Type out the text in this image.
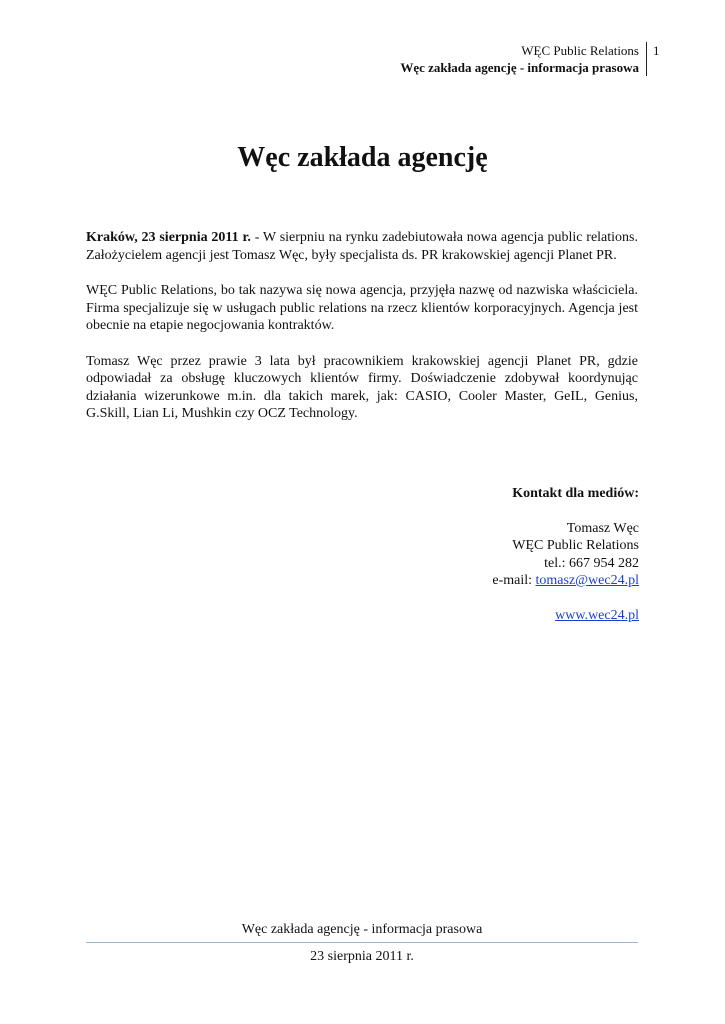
WĘC Public Relations
Węc zakłada agencję - informacja prasowa
1
Węc zakłada agencję

Kraków, 23 sierpnia 2011 r. - W sierpniu na rynku zadebiutowała nowa agencja public relations. Założycielem agencji jest Tomasz Węc, były specjalista ds. PR krakowskiej agencji Planet PR.

WĘC Public Relations, bo tak nazywa się nowa agencja, przyjęła nazwę od nazwiska właściciela. Firma specjalizuje się w usługach public relations na rzecz klientów korporacyjnych. Agencja jest obecnie na etapie negocjowania kontraktów.

Tomasz Węc przez prawie 3 lata był pracownikiem krakowskiej agencji Planet PR, gdzie odpowiadał za obsługę kluczowych klientów firmy. Doświadczenie zdobywał koordynując działania wizerunkowe m.in. dla takich marek, jak: CASIO, Cooler Master, GeIL, Genius, G.Skill, Lian Li, Mushkin czy OCZ Technology.

Kontakt dla mediów:
Tomasz Węc
WĘC Public Relations
tel.: 667 954 282
e-mail: tomasz@wec24.pl
www.wec24.pl
Węc zakłada agencję - informacja prasowa
23 sierpnia 2011 r.
